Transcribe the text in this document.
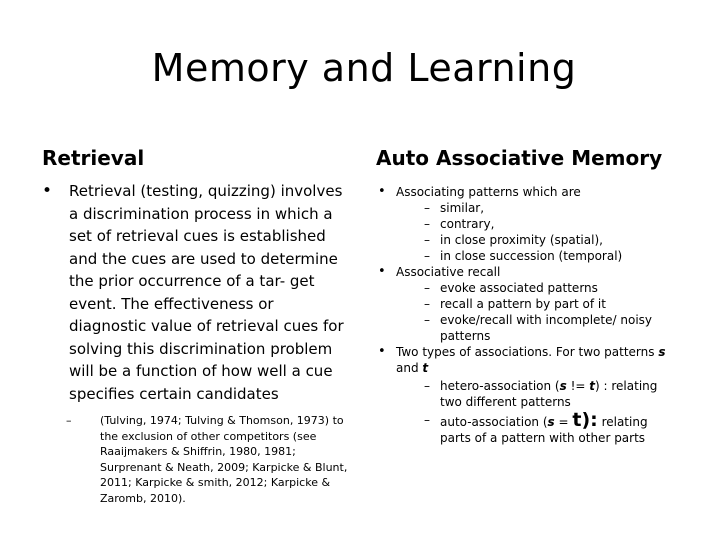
Memory and Learning
Retrieval	Auto Associative Memory
•	Retrieval (testing, quizzing) involves a discrimination process in which a set of retrieval cues is established and the cues are used to determine the prior occurrence of a tar- get event. The effectiveness or diagnostic value of retrieval cues for solving this discrimination problem will be a function of how well a cue specifies certain candidates
–	(Tulving, 1974; Tulving & Thomson, 1973) to the exclusion of other competitors (see Raaijmakers & Shiffrin, 1980, 1981; Surprenant & Neath, 2009; Karpicke & Blunt, 2011; Karpicke & smith, 2012; Karpicke & Zaromb, 2010).
• Associating patterns which are
– similar,
– contrary,
– in close proximity (spatial),
– in close succession (temporal)
• Associative recall
– evoke associated patterns
– recall a pattern by part of it
– evoke/recall with incomplete/ noisy patterns
• Two types of associations. For two patterns s and t
– hetero-association (s != t) : relating two different patterns
– auto-association (s = t): relating parts of a pattern with other parts
